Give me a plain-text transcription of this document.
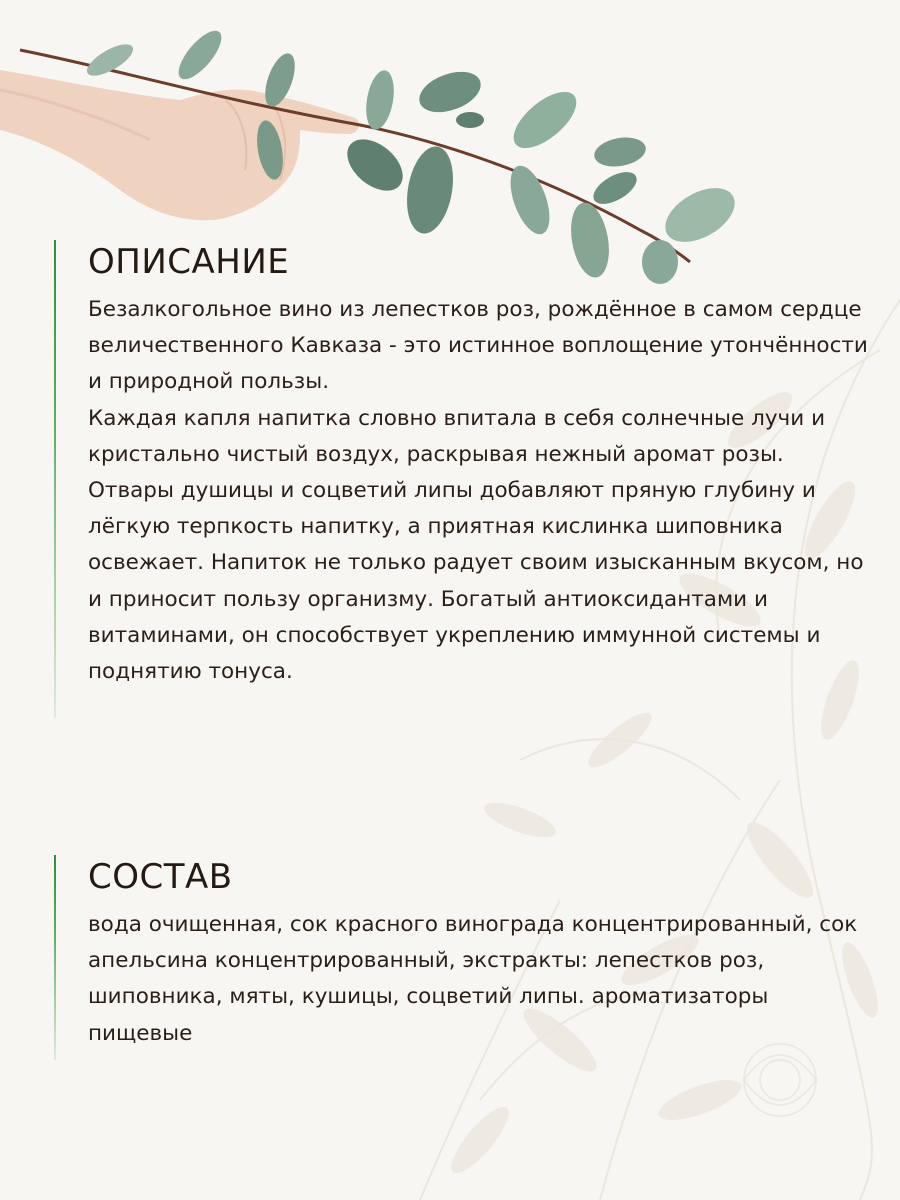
ОПИСАНИЕ
Безалкогольное вино из лепестков роз, рождённое в самом сердце величественного Кавказа - это истинное воплощение утончённости и природной пользы.
Каждая капля напитка словно впитала в себя солнечные лучи и кристально чистый воздух, раскрывая нежный аромат розы. Отвары душицы и соцветий липы добавляют пряную глубину и лёгкую терпкость напитку, а приятная кислинка шиповника освежает. Напиток не только радует своим изысканным вкусом, но и приносит пользу организму. Богатый антиоксидантами и витаминами, он способствует укреплению иммунной системы и поднятию тонуса.
СОСТАВ
вода очищенная, сок красного винограда концентрированный, сок апельсина концентрированный, экстракты: лепестков роз, шиповника, мяты, кушицы, соцветий липы. ароматизаторы пищевые
